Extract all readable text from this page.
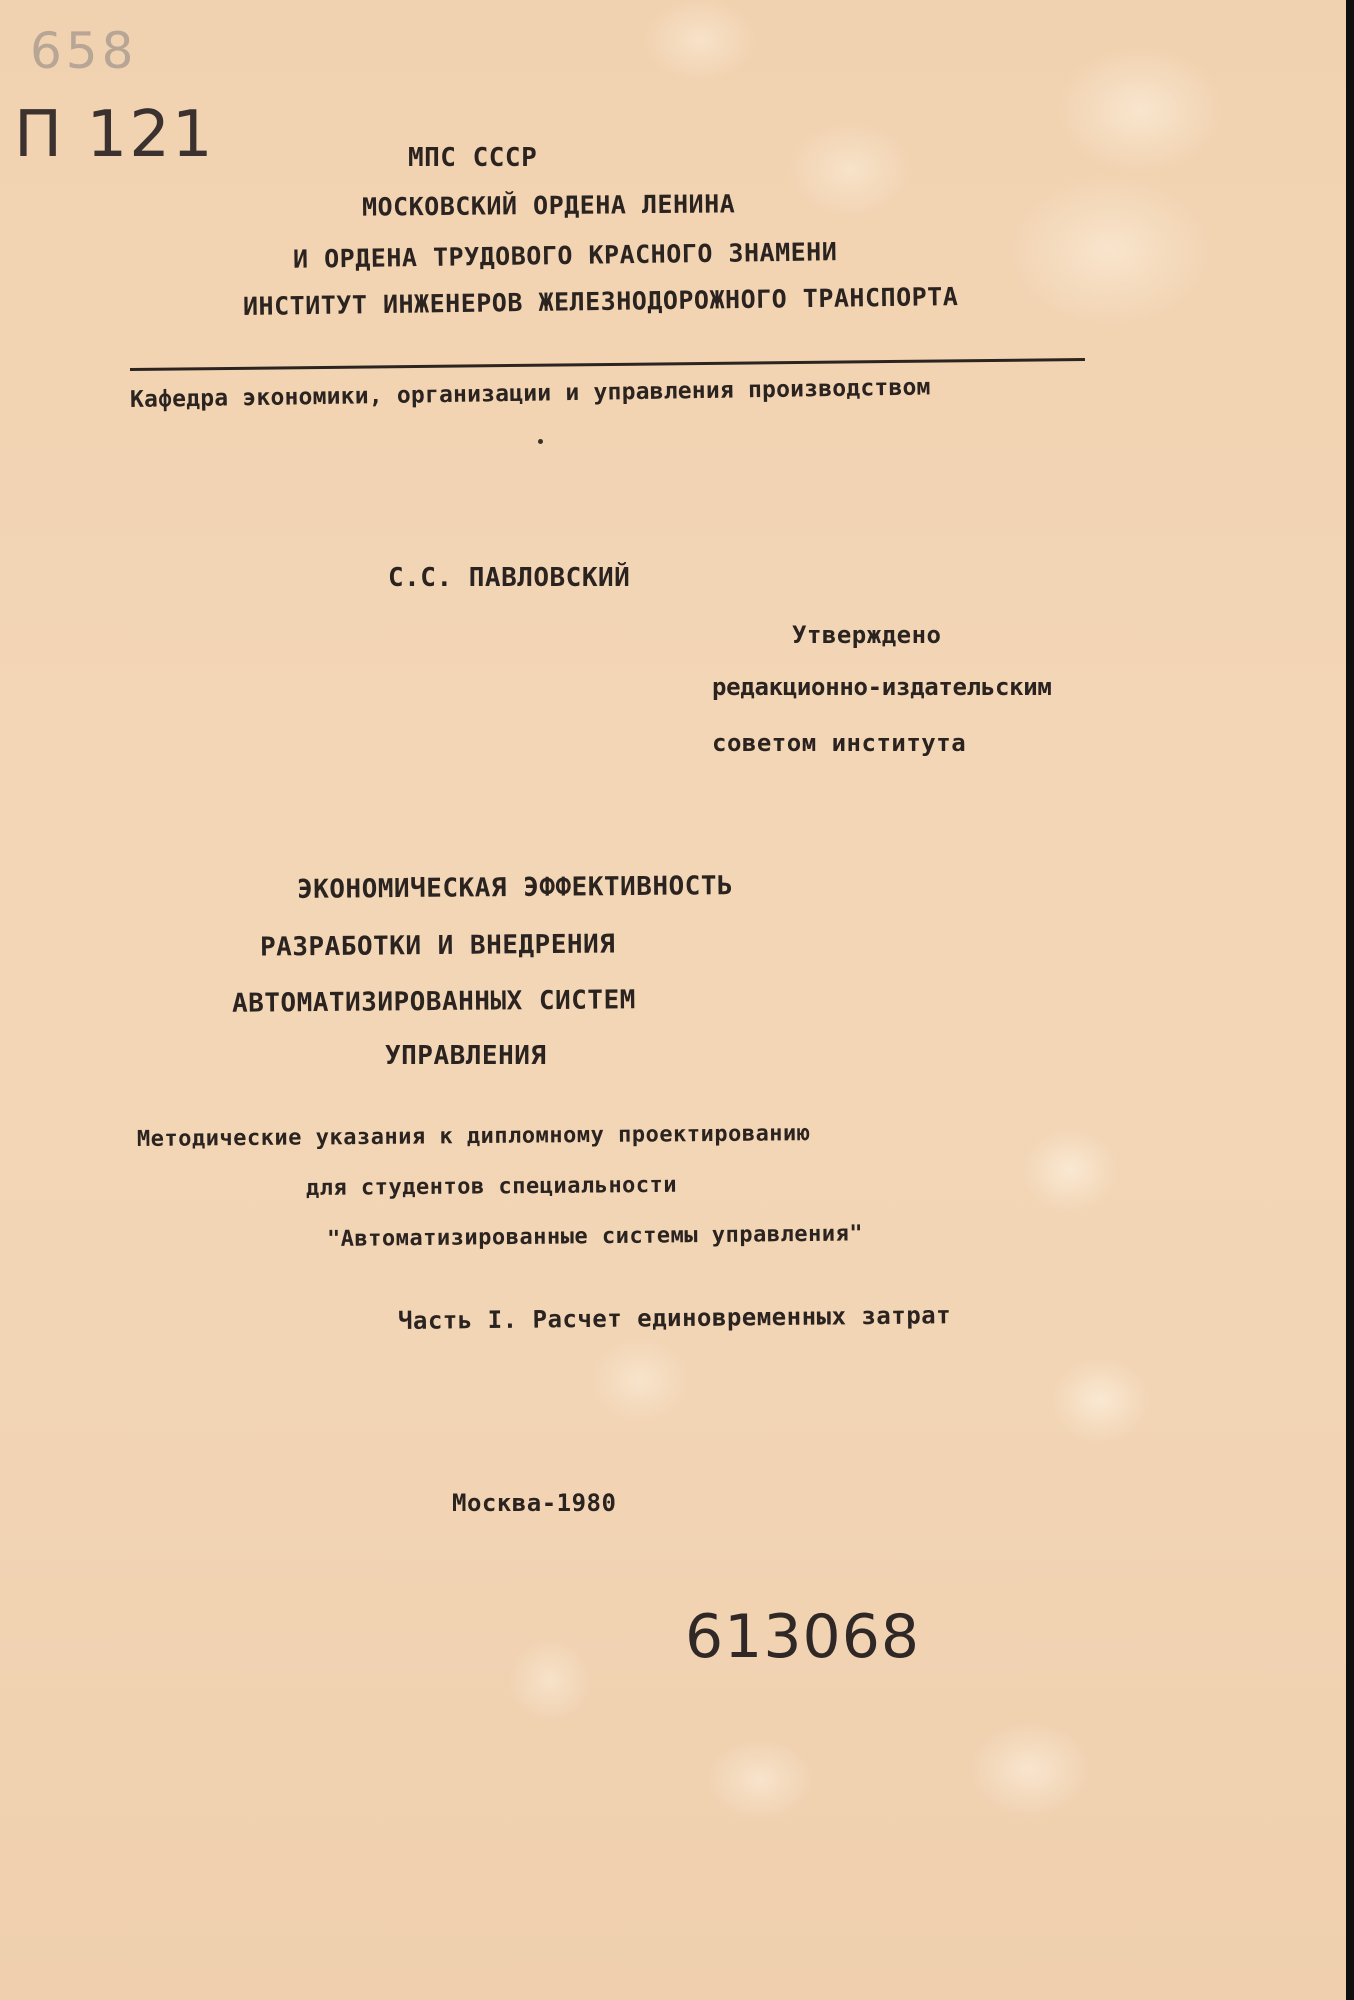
658
П 121	МПС СССР
МОСКОВСКИЙ ОРДЕНА ЛЕНИНА
И ОРДЕНА ТРУДОВОГО КРАСНОГО ЗНАМЕНИ
ИНСТИТУТ ИНЖЕНЕРОВ ЖЕЛЕЗНОДОРОЖНОГО ТРАНСПОРТА
Кафедра экономики, организации и управления производством
С.С. ПАВЛОВСКИЙ
Утверждено
редакционно-издательским
советом института
ЭКОНОМИЧЕСКАЯ ЭФФЕКТИВНОСТЬ
РАЗРАБОТКИ И ВНЕДРЕНИЯ
АВТОМАТИЗИРОВАННЫХ СИСТЕМ
УПРАВЛЕНИЯ
Методические указания к дипломному проектированию
для студентов специальности
"Автоматизированные системы управления"
Часть I. Расчет единовременных затрат
Москва-1980
613068
